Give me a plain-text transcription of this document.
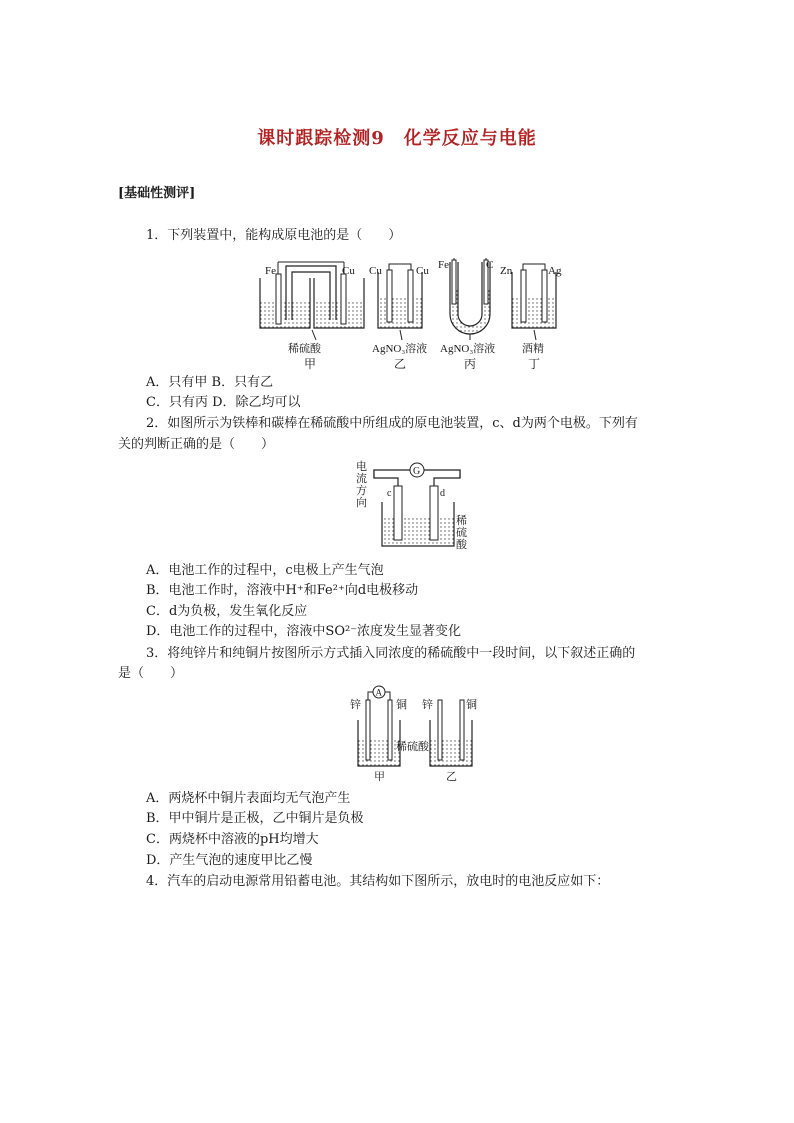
课时跟踪检测9　化学反应与电能
[基础性测评]
1．下列装置中，能构成原电池的是（　　）
Fe	Cu Cu	Cu Fe	C Zn	Ag
稀硫酸	AgNO₃溶液 AgNO₃溶液 酒精
甲	乙	丙	丁
A．只有甲 B．只有乙
C．只有丙 D．除乙均可以
2．如图所示为铁棒和碳棒在稀硫酸中所组成的原电池装置，c、d为两个电极。下列有
关的判断正确的是（　　）
G
c	d
电
流
方
向
稀
硫
酸
A．电池工作的过程中，c电极上产生气泡
B．电池工作时，溶液中H⁺和Fe²⁺向d电极移动
C．d为负极，发生氧化反应
D．电池工作的过程中，溶液中SO²⁻浓度发生显著变化
3．将纯锌片和纯铜片按图所示方式插入同浓度的稀硫酸中一段时间，以下叙述正确的
是（　　）
A
锌	铜 锌	铜
稀硫酸
甲	乙
A．两烧杯中铜片表面均无气泡产生
B．甲中铜片是正极，乙中铜片是负极
C．两烧杯中溶液的pH均增大
D．产生气泡的速度甲比乙慢
4．汽车的启动电源常用铅蓄电池。其结构如下图所示，放电时的电池反应如下：
